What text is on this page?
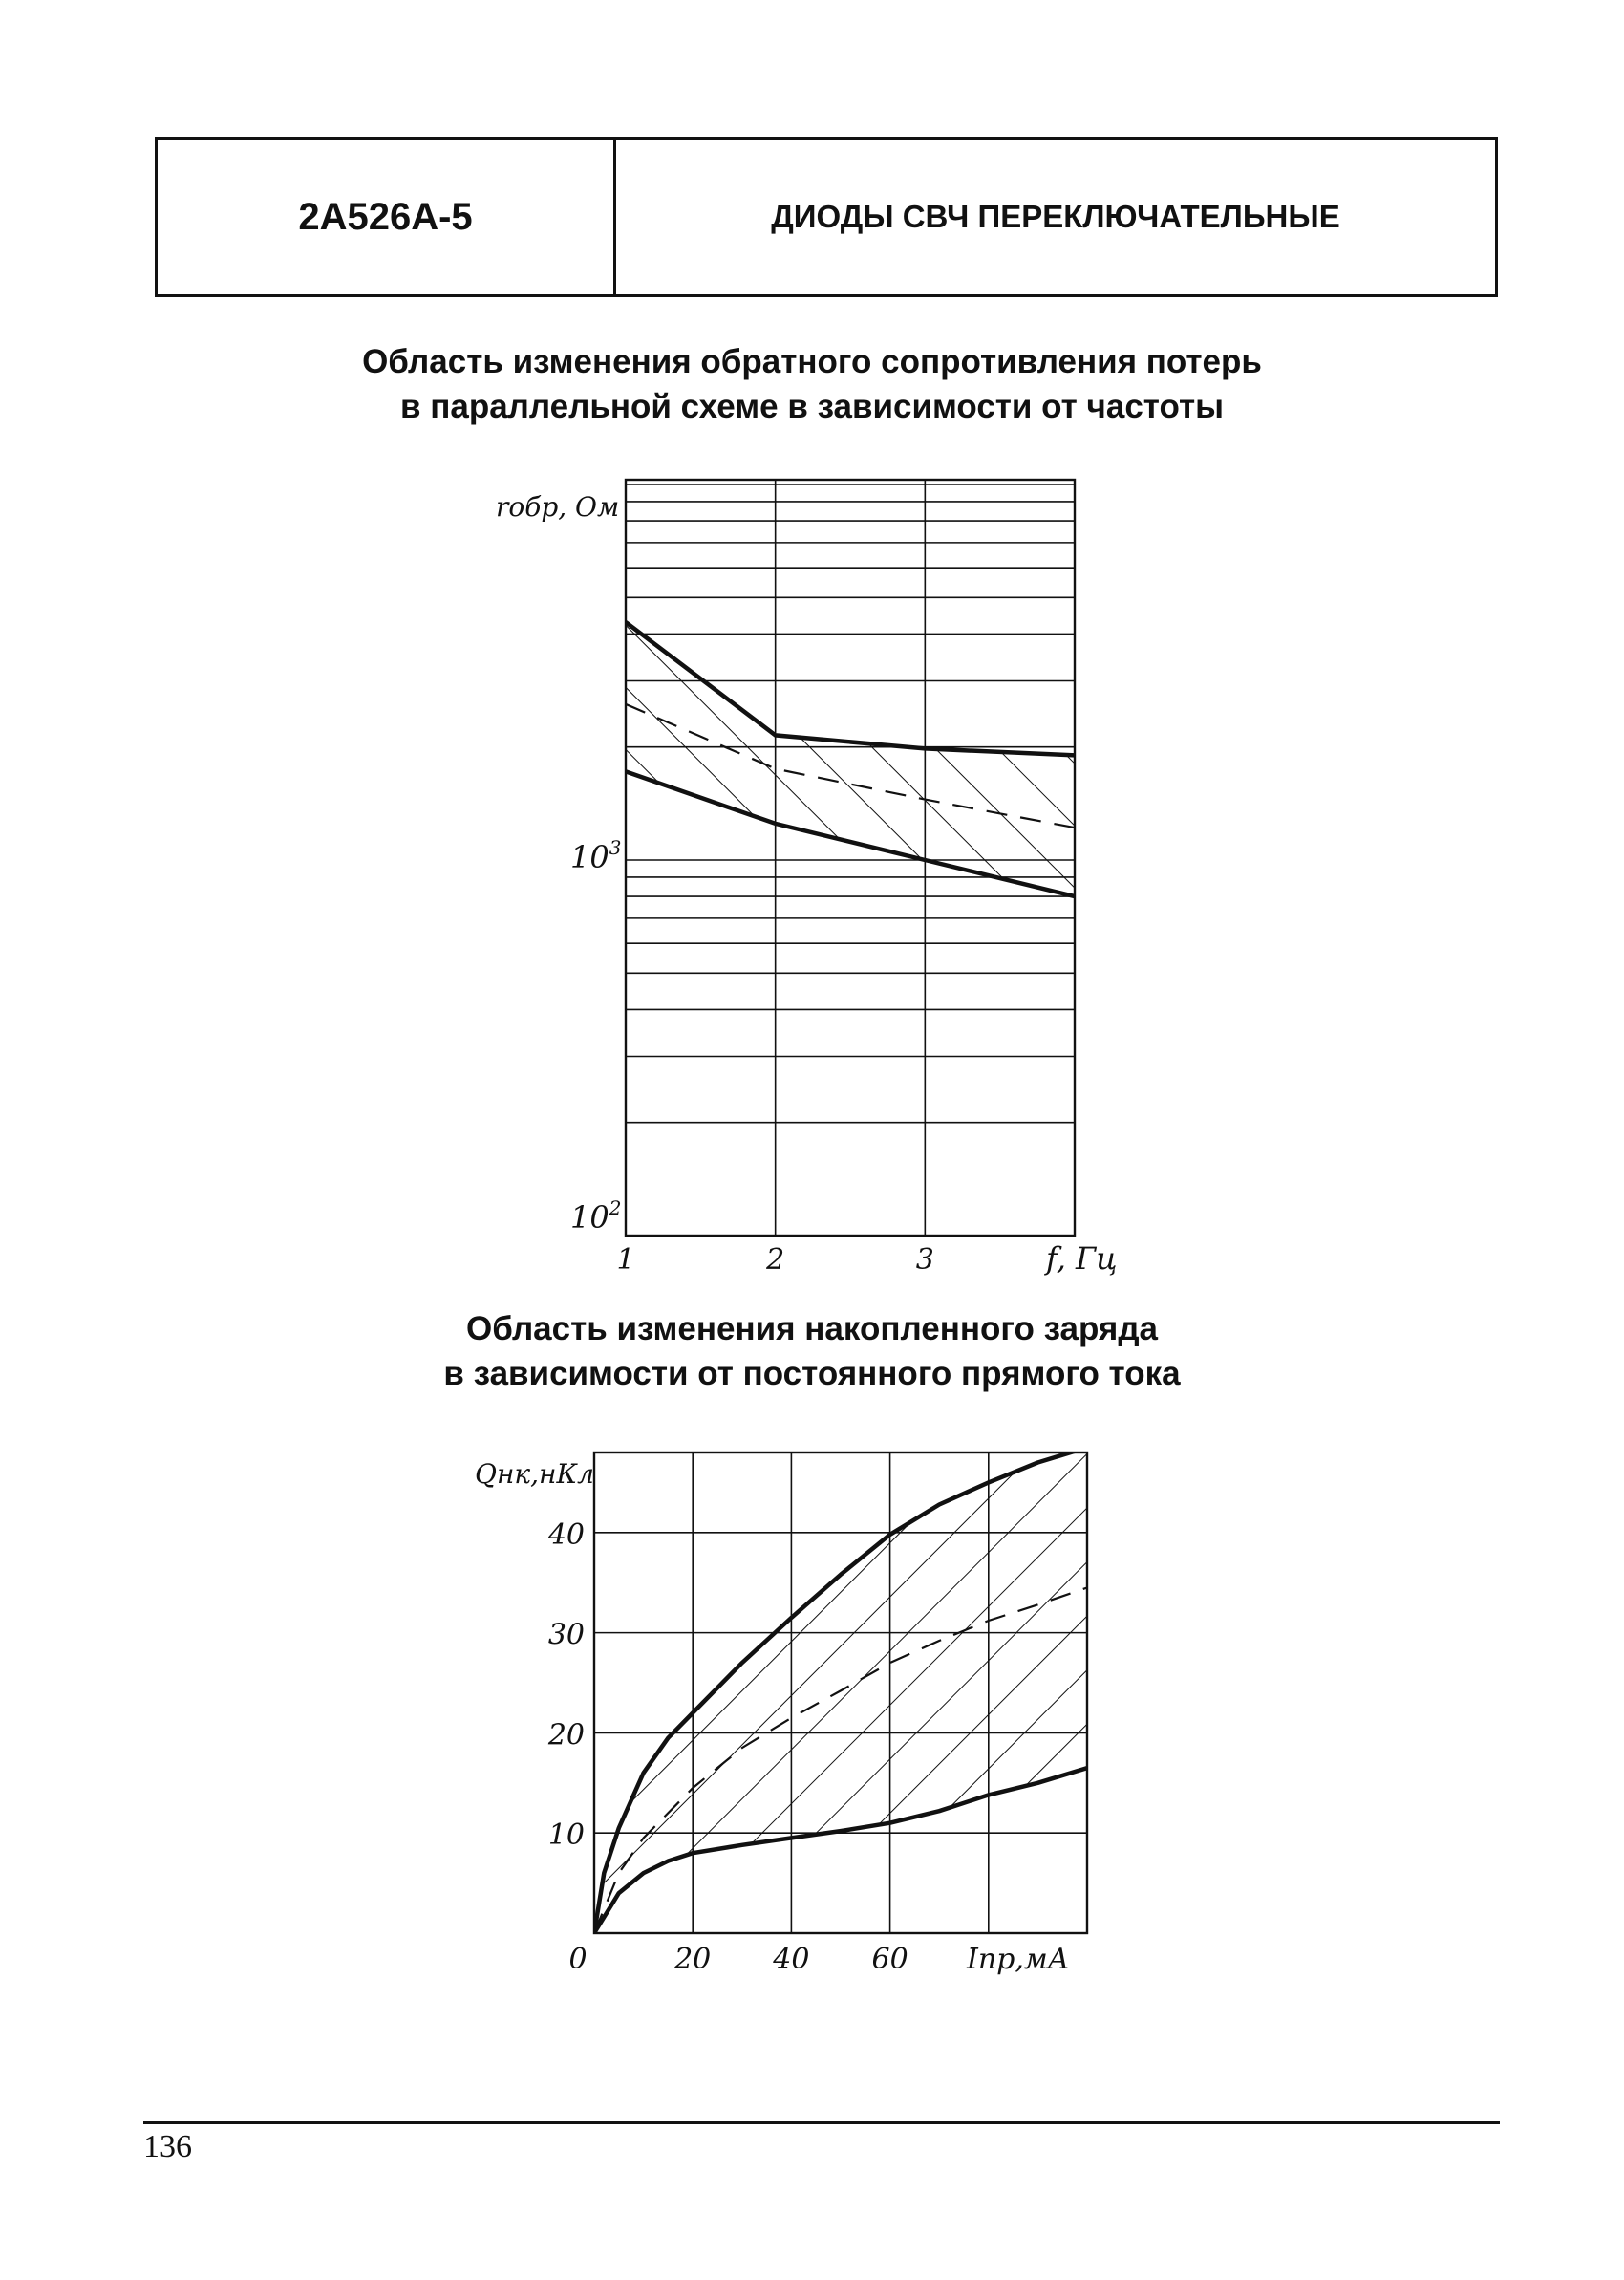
2А526А-5	ДИОДЫ СВЧ ПЕРЕКЛЮЧАТЕЛЬНЫЕ
Область изменения обратного сопротивления потерь
в параллельной схеме в зависимости от частоты
1	2	3	f, Гц
$10^3$
$10^2$
rобр, Ом
Область изменения накопленного заряда
в зависимости от постоянного прямого тока
0	20 40 60 Iпр,мА
10
20
30
40
Qнк,нКл
136
